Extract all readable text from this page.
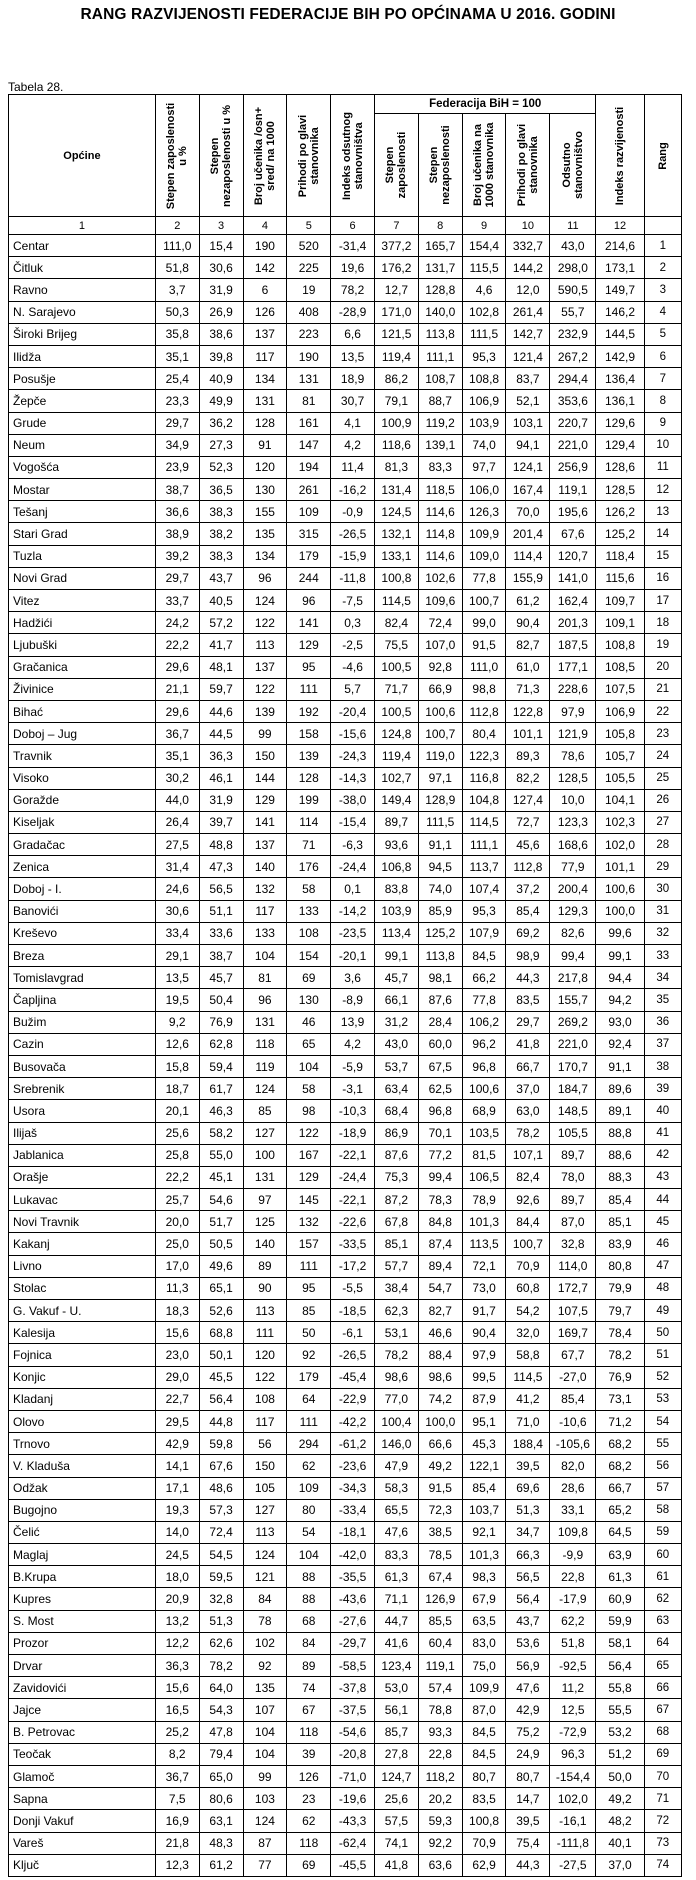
RANG RAZVIJENOSTI FEDERACIJE BIH PO OPĆINAMA U 2016. GODINI
Tabela 28.
Općine	Stepen zaposlenosti u %	Stepen nezaposlenosti u %	Broj učenika /osn+ sred/ na 1000	Prihodi po glavi stanovnika	Indeks odsutnog stanovništva	Federacija BiH = 100					Indeks razvijenosti	Rang

						Stepen zaposlenosti	Stepen nezaposlenosti	Broj učenika na 1000 stanovnika	Prihodi po glavi stanovnika	Odsutno stanovništvo		

1	2	3	4	5	6	7	8	9	10	11	12	
Centar	111,0	15,4	190	520	-31,4	377,2	165,7	154,4	332,7	43,0	214,6	1
Čitluk	51,8	30,6	142	225	19,6	176,2	131,7	115,5	144,2	298,0	173,1	2
Ravno	3,7	31,9	6	19	78,2	12,7	128,8	4,6	12,0	590,5	149,7	3
N. Sarajevo	50,3	26,9	126	408	-28,9	171,0	140,0	102,8	261,4	55,7	146,2	4
Široki Brijeg	35,8	38,6	137	223	6,6	121,5	113,8	111,5	142,7	232,9	144,5	5
Ilidža	35,1	39,8	117	190	13,5	119,4	111,1	95,3	121,4	267,2	142,9	6
Posušje	25,4	40,9	134	131	18,9	86,2	108,7	108,8	83,7	294,4	136,4	7
Žepče	23,3	49,9	131	81	30,7	79,1	88,7	106,9	52,1	353,6	136,1	8
Grude	29,7	36,2	128	161	4,1	100,9	119,2	103,9	103,1	220,7	129,6	9
Neum	34,9	27,3	91	147	4,2	118,6	139,1	74,0	94,1	221,0	129,4	10
Vogošća	23,9	52,3	120	194	11,4	81,3	83,3	97,7	124,1	256,9	128,6	11
Mostar	38,7	36,5	130	261	-16,2	131,4	118,5	106,0	167,4	119,1	128,5	12
Tešanj	36,6	38,3	155	109	-0,9	124,5	114,6	126,3	70,0	195,6	126,2	13
Stari Grad	38,9	38,2	135	315	-26,5	132,1	114,8	109,9	201,4	67,6	125,2	14
Tuzla	39,2	38,3	134	179	-15,9	133,1	114,6	109,0	114,4	120,7	118,4	15
Novi Grad	29,7	43,7	96	244	-11,8	100,8	102,6	77,8	155,9	141,0	115,6	16
Vitez	33,7	40,5	124	96	-7,5	114,5	109,6	100,7	61,2	162,4	109,7	17
Hadžići	24,2	57,2	122	141	0,3	82,4	72,4	99,0	90,4	201,3	109,1	18
Ljubuški	22,2	41,7	113	129	-2,5	75,5	107,0	91,5	82,7	187,5	108,8	19
Gračanica	29,6	48,1	137	95	-4,6	100,5	92,8	111,0	61,0	177,1	108,5	20
Živinice	21,1	59,7	122	111	5,7	71,7	66,9	98,8	71,3	228,6	107,5	21
Bihać	29,6	44,6	139	192	-20,4	100,5	100,6	112,8	122,8	97,9	106,9	22
Doboj – Jug	36,7	44,5	99	158	-15,6	124,8	100,7	80,4	101,1	121,9	105,8	23
Travnik	35,1	36,3	150	139	-24,3	119,4	119,0	122,3	89,3	78,6	105,7	24
Visoko	30,2	46,1	144	128	-14,3	102,7	97,1	116,8	82,2	128,5	105,5	25
Goražde	44,0	31,9	129	199	-38,0	149,4	128,9	104,8	127,4	10,0	104,1	26
Kiseljak	26,4	39,7	141	114	-15,4	89,7	111,5	114,5	72,7	123,3	102,3	27
Gradačac	27,5	48,8	137	71	-6,3	93,6	91,1	111,1	45,6	168,6	102,0	28
Zenica	31,4	47,3	140	176	-24,4	106,8	94,5	113,7	112,8	77,9	101,1	29
Doboj - I.	24,6	56,5	132	58	0,1	83,8	74,0	107,4	37,2	200,4	100,6	30
Banovići	30,6	51,1	117	133	-14,2	103,9	85,9	95,3	85,4	129,3	100,0	31
Kreševo	33,4	33,6	133	108	-23,5	113,4	125,2	107,9	69,2	82,6	99,6	32
Breza	29,1	38,7	104	154	-20,1	99,1	113,8	84,5	98,9	99,4	99,1	33
Tomislavgrad	13,5	45,7	81	69	3,6	45,7	98,1	66,2	44,3	217,8	94,4	34
Čapljina	19,5	50,4	96	130	-8,9	66,1	87,6	77,8	83,5	155,7	94,2	35
Bužim	9,2	76,9	131	46	13,9	31,2	28,4	106,2	29,7	269,2	93,0	36
Cazin	12,6	62,8	118	65	4,2	43,0	60,0	96,2	41,8	221,0	92,4	37
Busovača	15,8	59,4	119	104	-5,9	53,7	67,5	96,8	66,7	170,7	91,1	38
Srebrenik	18,7	61,7	124	58	-3,1	63,4	62,5	100,6	37,0	184,7	89,6	39
Usora	20,1	46,3	85	98	-10,3	68,4	96,8	68,9	63,0	148,5	89,1	40
Ilijaš	25,6	58,2	127	122	-18,9	86,9	70,1	103,5	78,2	105,5	88,8	41
Jablanica	25,8	55,0	100	167	-22,1	87,6	77,2	81,5	107,1	89,7	88,6	42
Orašje	22,2	45,1	131	129	-24,4	75,3	99,4	106,5	82,4	78,0	88,3	43
Lukavac	25,7	54,6	97	145	-22,1	87,2	78,3	78,9	92,6	89,7	85,4	44
Novi Travnik	20,0	51,7	125	132	-22,6	67,8	84,8	101,3	84,4	87,0	85,1	45
Kakanj	25,0	50,5	140	157	-33,5	85,1	87,4	113,5	100,7	32,8	83,9	46
Livno	17,0	49,6	89	111	-17,2	57,7	89,4	72,1	70,9	114,0	80,8	47
Stolac	11,3	65,1	90	95	-5,5	38,4	54,7	73,0	60,8	172,7	79,9	48
G. Vakuf - U.	18,3	52,6	113	85	-18,5	62,3	82,7	91,7	54,2	107,5	79,7	49
Kalesija	15,6	68,8	111	50	-6,1	53,1	46,6	90,4	32,0	169,7	78,4	50
Fojnica	23,0	50,1	120	92	-26,5	78,2	88,4	97,9	58,8	67,7	78,2	51
Konjic	29,0	45,5	122	179	-45,4	98,6	98,6	99,5	114,5	-27,0	76,9	52
Kladanj	22,7	56,4	108	64	-22,9	77,0	74,2	87,9	41,2	85,4	73,1	53
Olovo	29,5	44,8	117	111	-42,2	100,4	100,0	95,1	71,0	-10,6	71,2	54
Trnovo	42,9	59,8	56	294	-61,2	146,0	66,6	45,3	188,4	-105,6	68,2	55
V. Kladuša	14,1	67,6	150	62	-23,6	47,9	49,2	122,1	39,5	82,0	68,2	56
Odžak	17,1	48,6	105	109	-34,3	58,3	91,5	85,4	69,6	28,6	66,7	57
Bugojno	19,3	57,3	127	80	-33,4	65,5	72,3	103,7	51,3	33,1	65,2	58
Čelić	14,0	72,4	113	54	-18,1	47,6	38,5	92,1	34,7	109,8	64,5	59
Maglaj	24,5	54,5	124	104	-42,0	83,3	78,5	101,3	66,3	-9,9	63,9	60
B.Krupa	18,0	59,5	121	88	-35,5	61,3	67,4	98,3	56,5	22,8	61,3	61
Kupres	20,9	32,8	84	88	-43,6	71,1	126,9	67,9	56,4	-17,9	60,9	62
S. Most	13,2	51,3	78	68	-27,6	44,7	85,5	63,5	43,7	62,2	59,9	63
Prozor	12,2	62,6	102	84	-29,7	41,6	60,4	83,0	53,6	51,8	58,1	64
Drvar	36,3	78,2	92	89	-58,5	123,4	119,1	75,0	56,9	-92,5	56,4	65
Zavidovići	15,6	64,0	135	74	-37,8	53,0	57,4	109,9	47,6	11,2	55,8	66
Jajce	16,5	54,3	107	67	-37,5	56,1	78,8	87,0	42,9	12,5	55,5	67
B. Petrovac	25,2	47,8	104	118	-54,6	85,7	93,3	84,5	75,2	-72,9	53,2	68
Teočak	8,2	79,4	104	39	-20,8	27,8	22,8	84,5	24,9	96,3	51,2	69
Glamoč	36,7	65,0	99	126	-71,0	124,7	118,2	80,7	80,7	-154,4	50,0	70
Sapna	7,5	80,6	103	23	-19,6	25,6	20,2	83,5	14,7	102,0	49,2	71
Donji Vakuf	16,9	63,1	124	62	-43,3	57,5	59,3	100,8	39,5	-16,1	48,2	72
Vareš	21,8	48,3	87	118	-62,4	74,1	92,2	70,9	75,4	-111,8	40,1	73
Ključ	12,3	61,2	77	69	-45,5	41,8	63,6	62,9	44,3	-27,5	37,0	74
